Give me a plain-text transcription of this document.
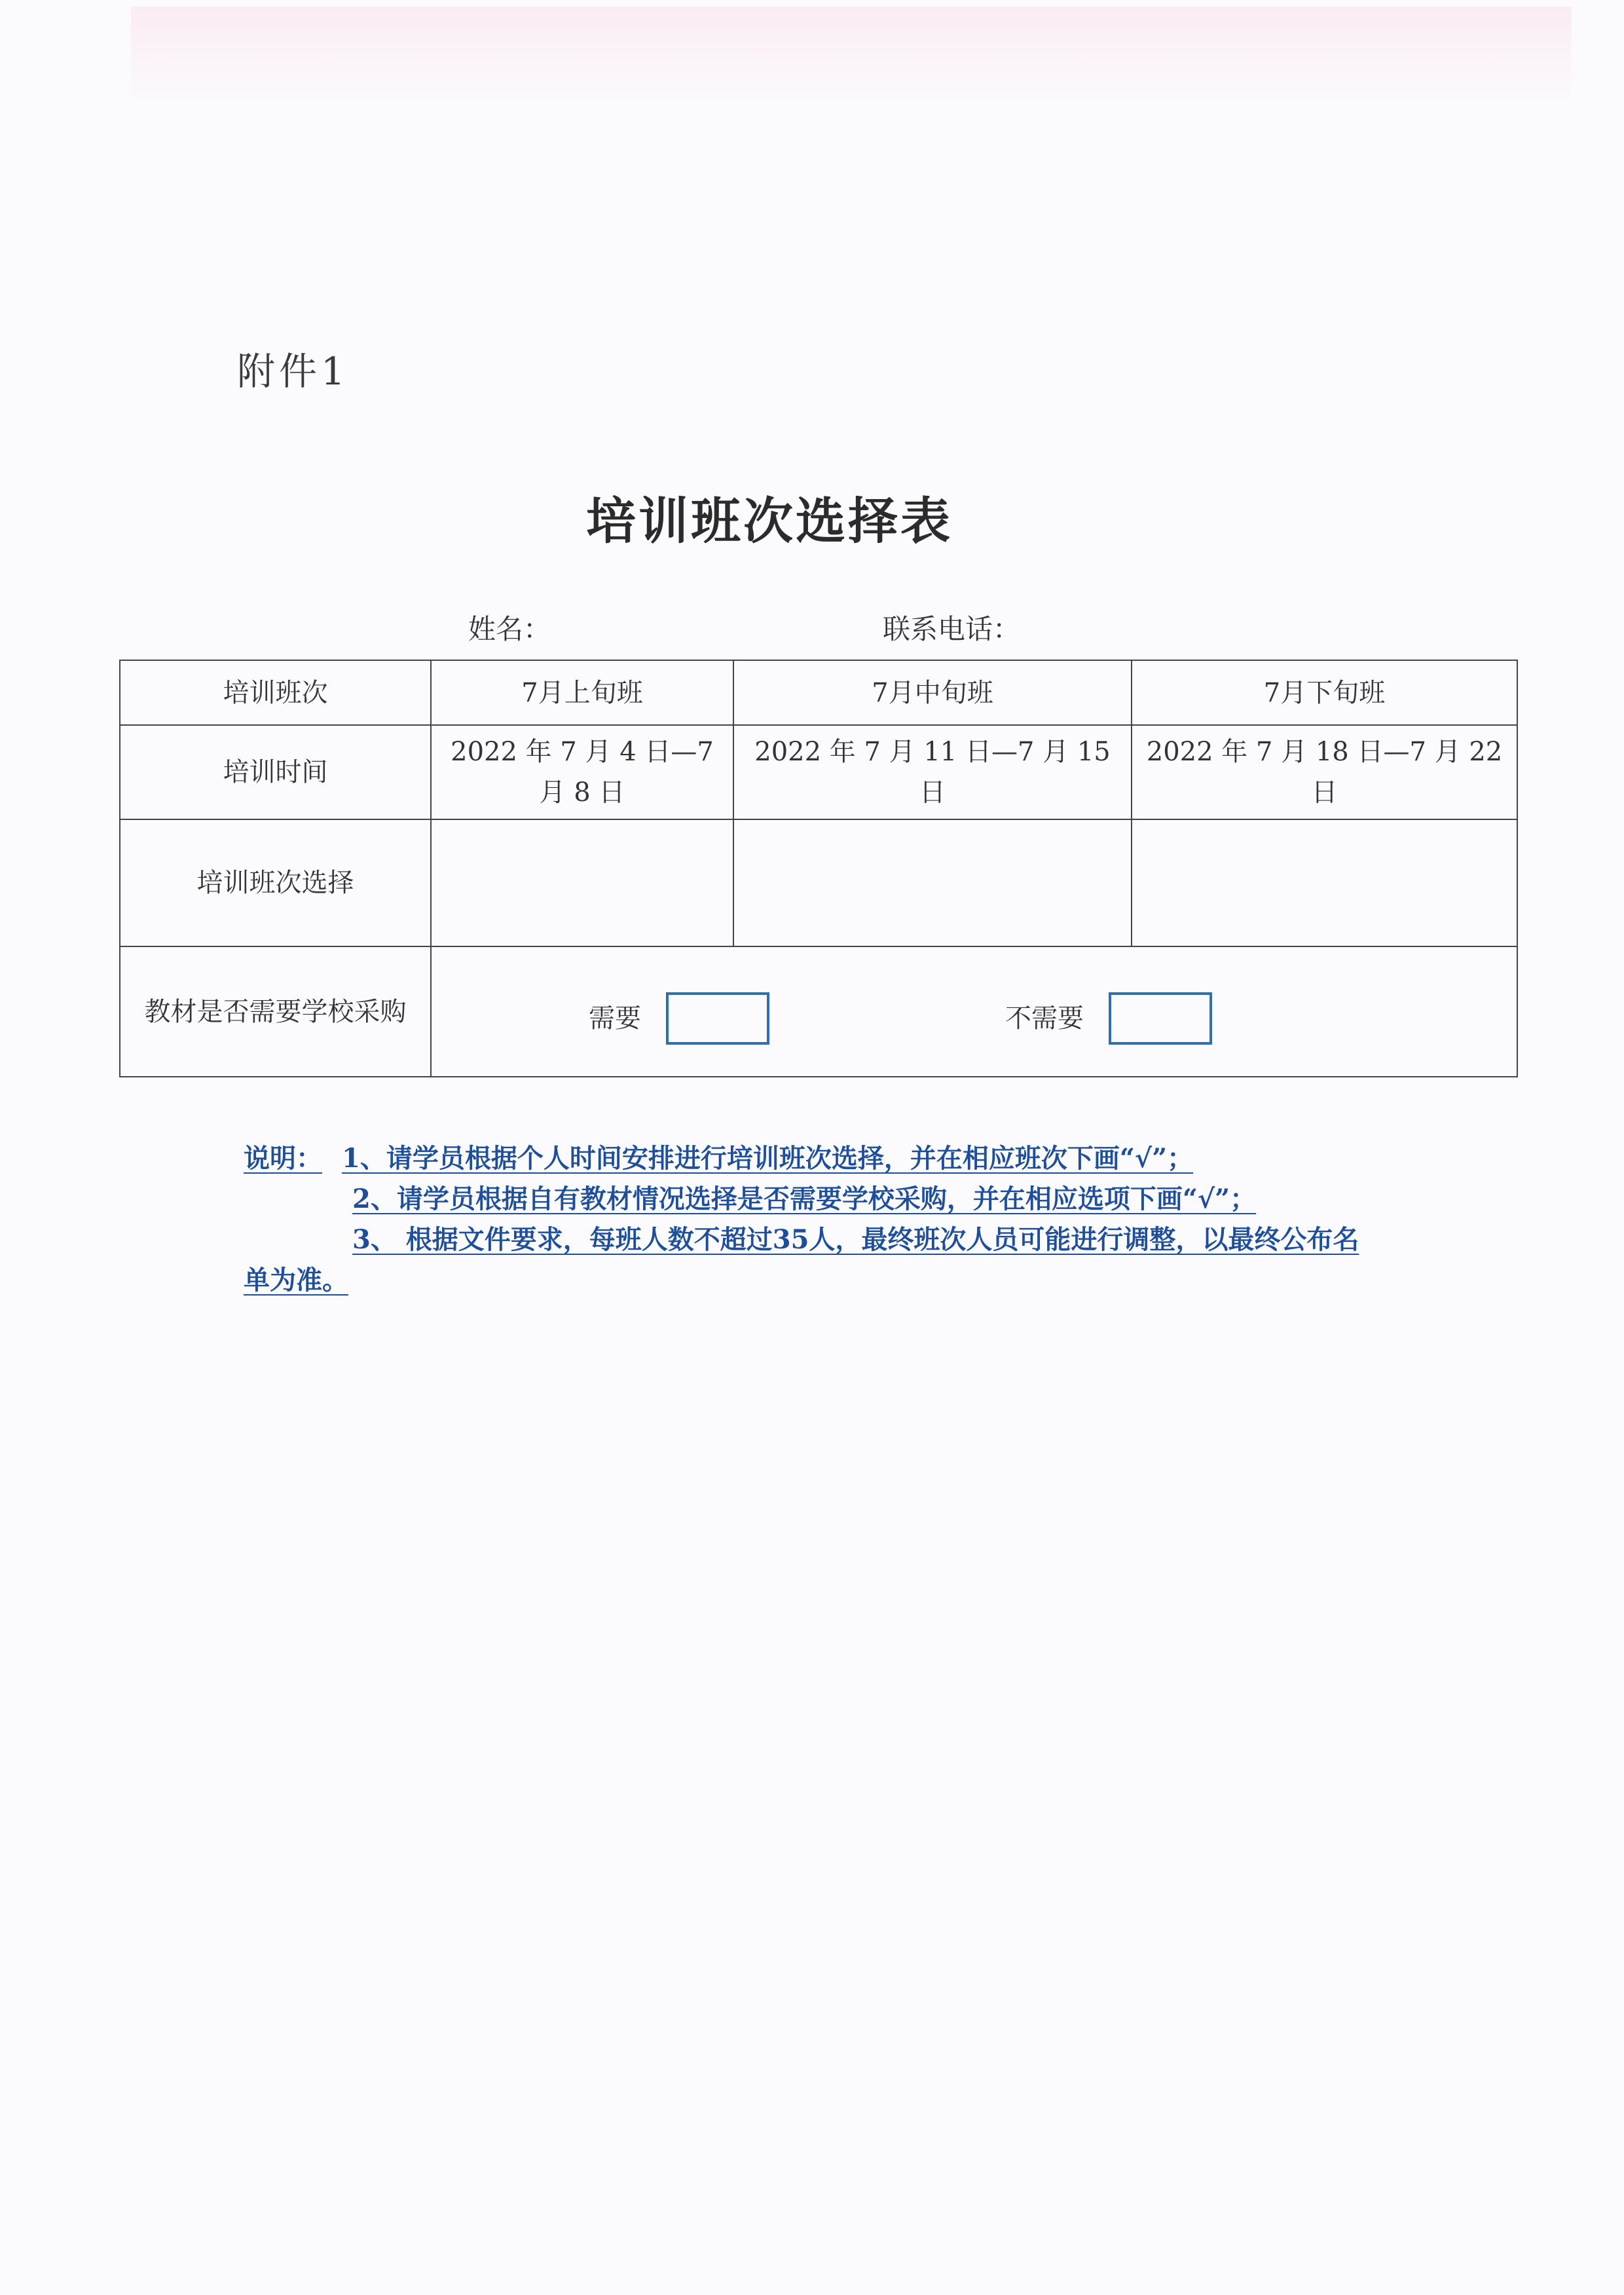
附件1
培训班次选择表
姓名：	联系电话：
培训班次	7月上旬班	7月中旬班	7月下旬班
培训时间	2022 年 7 月 4 日—7 月 8 日	2022 年 7 月 11 日—7 月 15 日	2022 年 7 月 18 日—7 月 22 日
培训班次选择			
教材是否需要学校采购	需要 不需要		
说明： 1、请学员根据个人时间安排进行培训班次选择，并在相应班次下画“√”；
2、请学员根据自有教材情况选择是否需要学校采购，并在相应选项下画“√”；
3、 根据文件要求，每班人数不超过35人，最终班次人员可能进行调整，以最终公布名
单为准。
